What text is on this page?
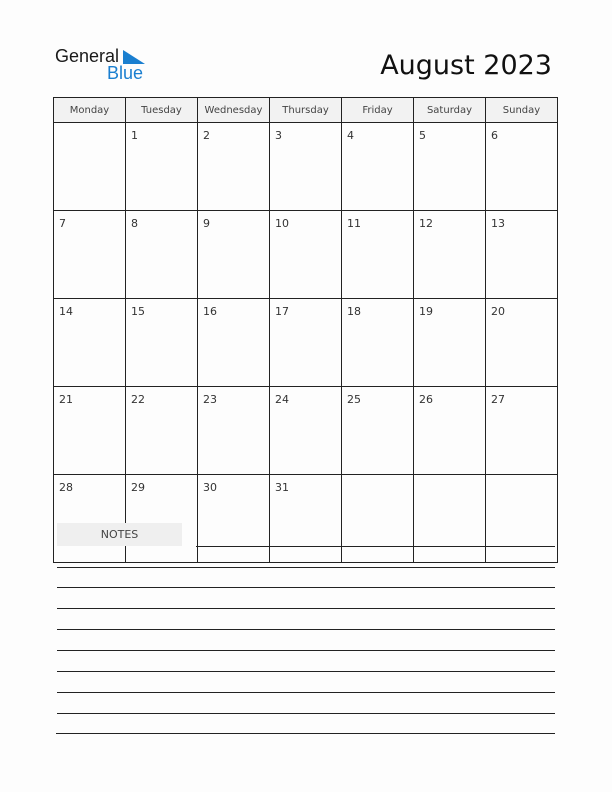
General
Blue	August 2023
Monday	Tuesday	Wednesday	Thursday	Friday	Saturday	Sunday
	1	2	3	4	5	6
7	8	9	10	11	12	13
14	15	16	17	18	19	20
21	22	23	24	25	26	27
28	29	30	31			
NOTES
